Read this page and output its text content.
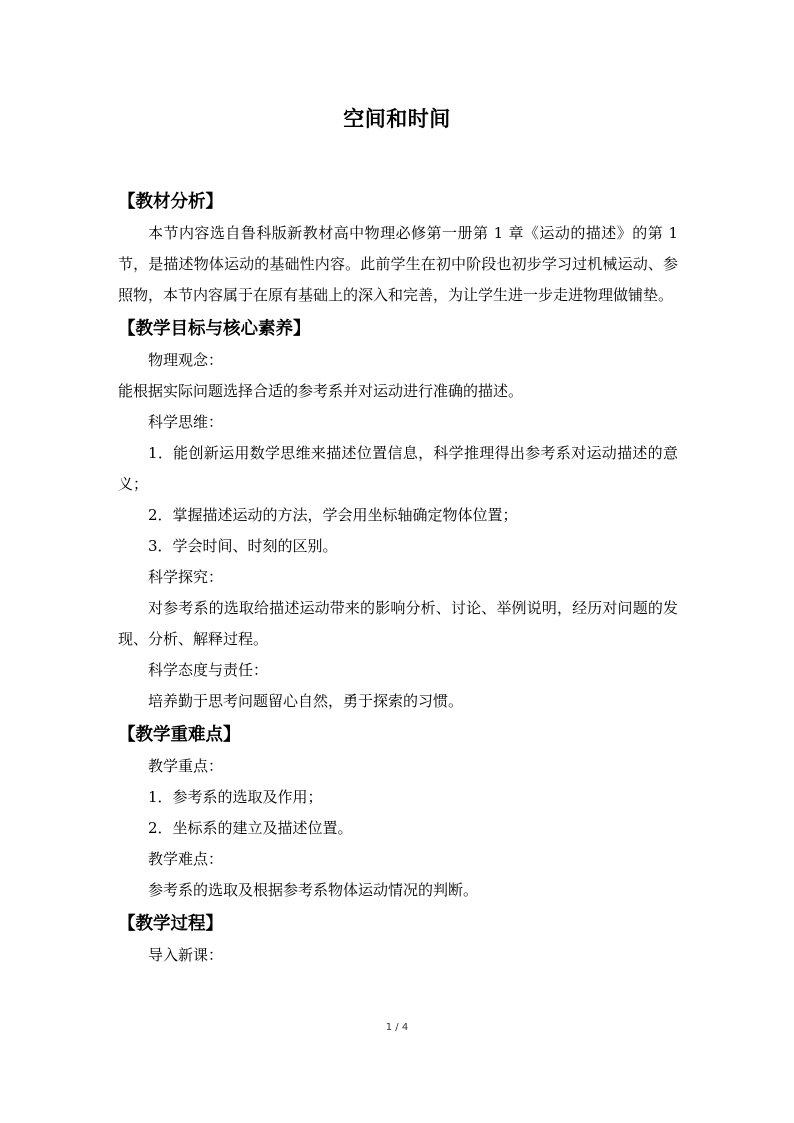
空间和时间
【教材分析】

本节内容选自鲁科版新教材高中物理必修第一册第 1 章《运动的描述》的第 1 节，是描述物体运动的基础性内容。此前学生在初中阶段也初步学习过机械运动、参照物，本节内容属于在原有基础上的深入和完善，为让学生进一步走进物理做铺垫。

【教学目标与核心素养】
物理观念：

能根据实际问题选择合适的参考系并对运动进行准确的描述。

科学思维：

1．能创新运用数学思维来描述位置信息，科学推理得出参考系对运动描述的意义；

2．掌握描述运动的方法，学会用坐标轴确定物体位置；
3．学会时间、时刻的区别。
科学探究：

对参考系的选取给描述运动带来的影响分析、讨论、举例说明，经历对问题的发现、分析、解释过程。

科学态度与责任：
培养勤于思考问题留心自然，勇于探索的习惯。
【教学重难点】
教学重点：
1．参考系的选取及作用；
2．坐标系的建立及描述位置。
教学难点：
参考系的选取及根据参考系物体运动情况的判断。
【教学过程】
导入新课：
1 / 4
